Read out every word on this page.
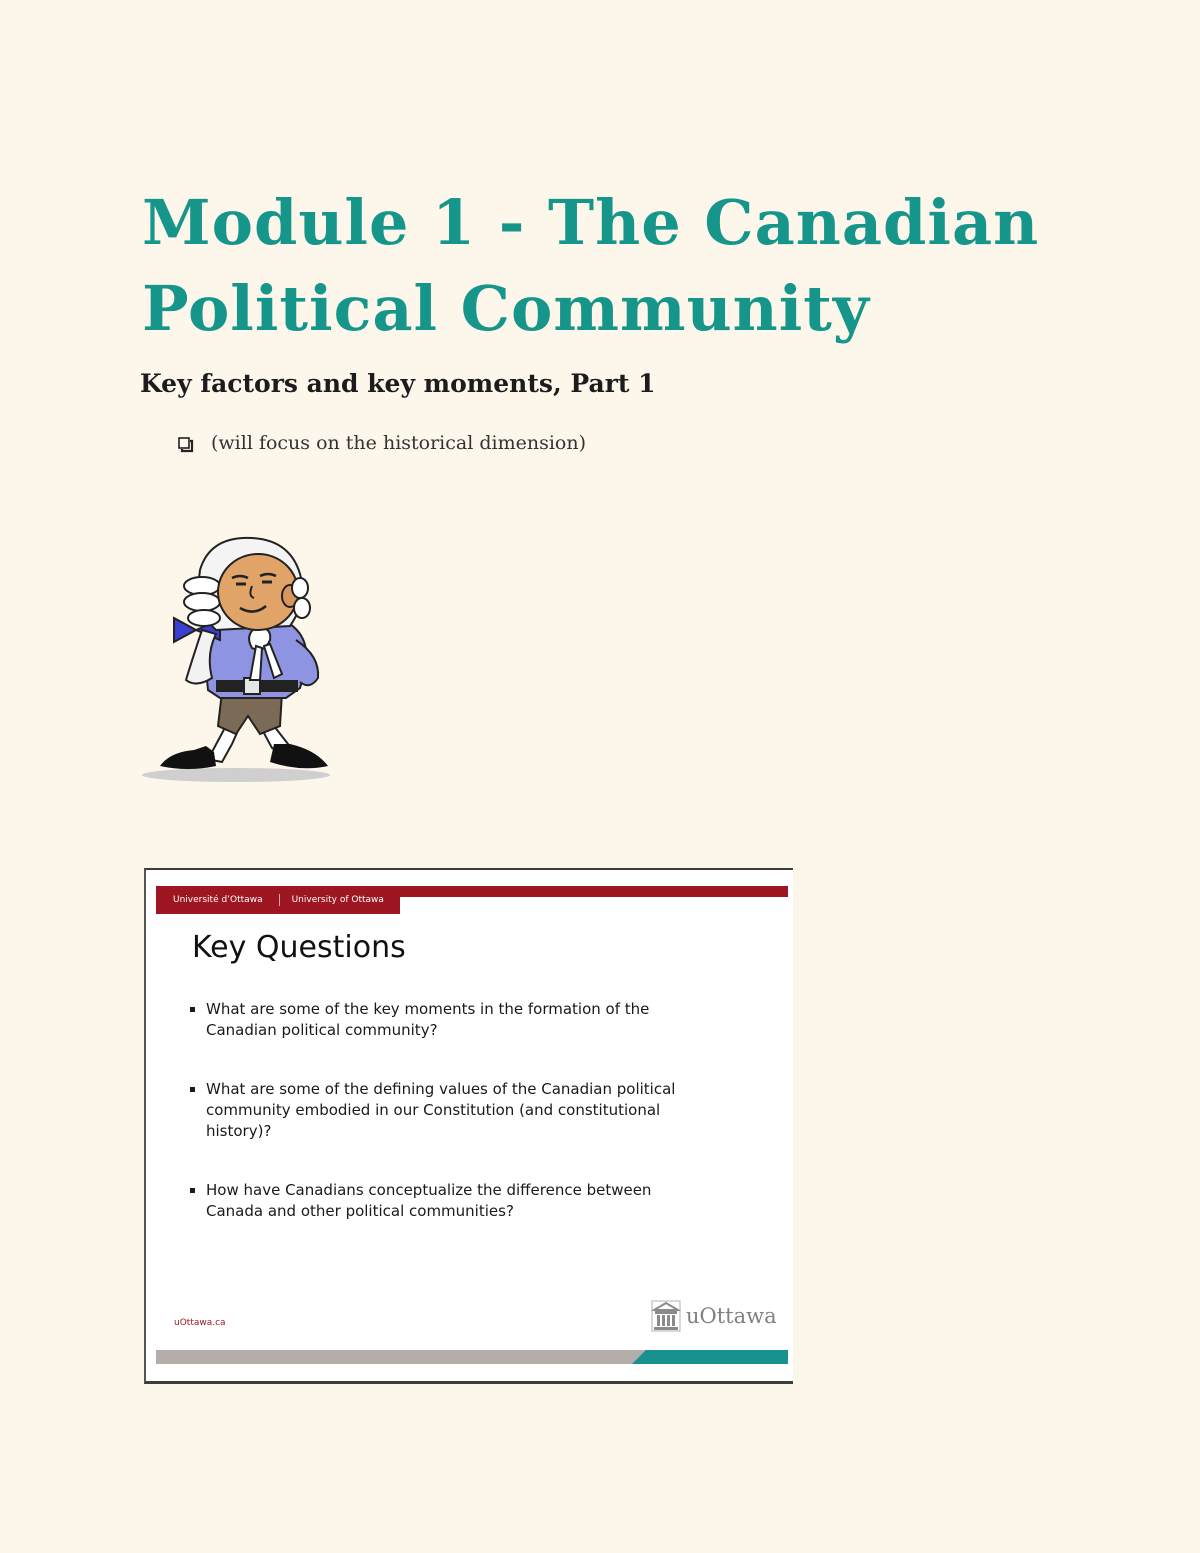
Module 1 - The Canadian Political Community
Key factors and key moments, Part 1
(will focus on the historical dimension)
Université d’Ottawa	University of Ottawa
Key Questions
What are some of the key moments in the formation of the Canadian political community?
What are some of the defining values of the Canadian political community embodied in our Constitution (and constitutional history)?
How have Canadians conceptualize the difference between Canada and other political communities?
uOttawa.ca	uOttawa
